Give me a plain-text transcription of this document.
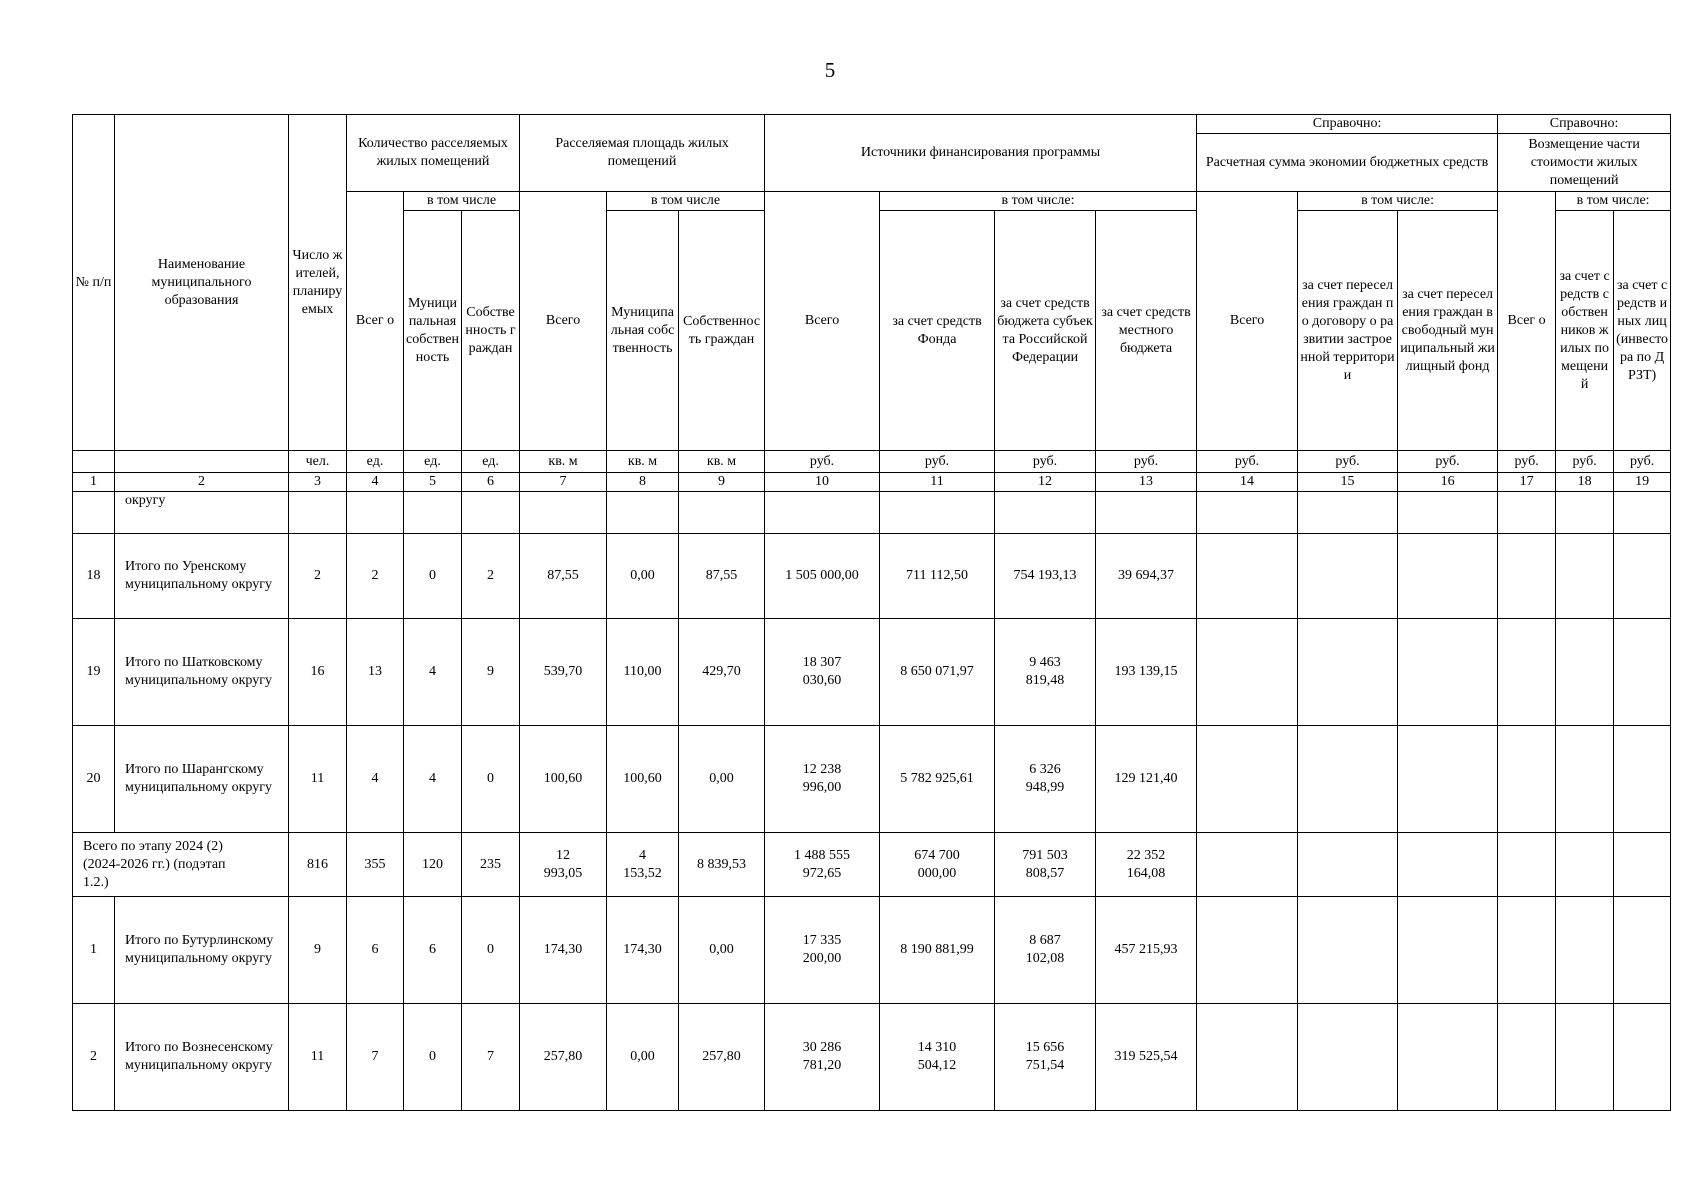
5
№ п/п	Наименование муниципального образования	Число жителей, планируемых	Количество расселяемых жилых помещений			Расселяемая площадь жилых помещений			Источники финансирования программы				Справочно:			Справочно:		
													Расчетная сумма экономии бюджетных средств			Возмещение части стоимости жилых помещений		
			Всег о	в том числе		Всего	в том числе		Всего	в том числе:			Всего	в том числе:		Всег о	в том числе:	
				Муниципальная собственность	Собственность граждан		Муниципальная собственность	Собственность граждан		за счет средств Фонда	за счет средств бюджета субъекта Российской Федерации	за счет средств местного бюджета		за счет переселения граждан по договору о развитии застроенной территории	за счет переселения граждан в свободный муниципальный жилищный фонд		за счет средств собственников жилых помещений	за счет средств иных лиц (инвестора по ДРЗТ)
		чел.	ед.	ед.	ед.	кв. м	кв. м	кв. м	руб.	руб.	руб.	руб.	руб.	руб.	руб.	руб.	руб.	руб.
1	2	3	4	5	6	7	8	9	10	11	12	13	14	15	16	17	18	19
	округу																	
18	Итого по Уренскому муниципальному округу	2	2	0	2	87,55	0,00	87,55	1 505 000,00	711 112,50	754 193,13	39 694,37						
19	Итого по Шатковскому муниципальному округу	16	13	4	9	539,70	110,00	429,70	18 307 030,60	8 650 071,97	9 463 819,48	193 139,15						
20	Итого по Шарангскому муниципальному округу	11	4	4	0	100,60	100,60	0,00	12 238 996,00	5 782 925,61	6 326 948,99	129 121,40						
Всего по этапу 2024 (2) (2024-2026 гг.) (подэтап 1.2.)		816	355	120	235	12 993,05	4 153,52	8 839,53	1 488 555 972,65	674 700 000,00	791 503 808,57	22 352 164,08						
1	Итого по Бутурлинскому муниципальному округу	9	6	6	0	174,30	174,30	0,00	17 335 200,00	8 190 881,99	8 687 102,08	457 215,93						
2	Итого по Вознесенскому муниципальному округу	11	7	0	7	257,80	0,00	257,80	30 286 781,20	14 310 504,12	15 656 751,54	319 525,54						
